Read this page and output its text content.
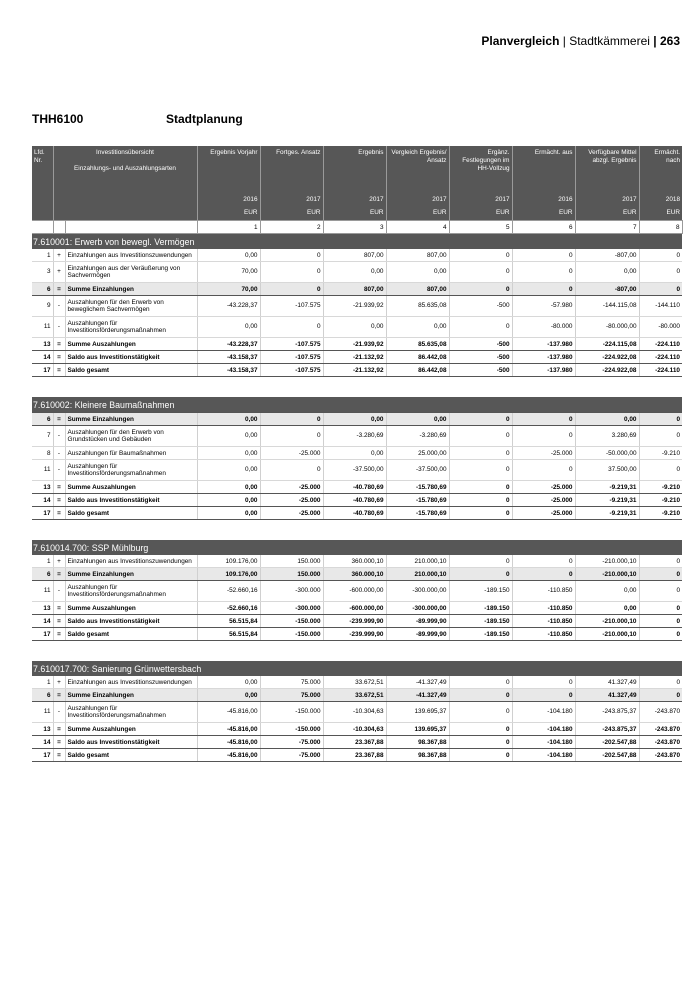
Planvergleich | Stadtkämmerei | 263
THH6100	Stadtplanung
Lfd.
Nr.	Investitionsübersicht

Einzahlungs- und Auszahlungsarten		Ergebnis Vorjahr	Fortges. Ansatz	Ergebnis	Vergleich Ergebnis/ Ansatz	Ergänz. Festlegungen im HH-Vollzug	Ermächt. aus	Verfügbare Mittel abzgl. Ergebnis	Ermächt. nach
			2016	2017	2017	2017	2017	2016	2017	2018
			EUR	EUR	EUR	EUR	EUR	EUR	EUR	EUR
			1	2	3	4	5	6	7	8
7.610001: Erwerb von bewegl. Vermögen										
1	+	Einzahlungen aus Investitionszuwendungen	0,00	0	807,00	807,00	0	0	-807,00	0
3	+	Einzahlungen aus der Veräußerung von Sachvermögen	70,00	0	0,00	0,00	0	0	0,00	0
6	=	Summe Einzahlungen	70,00	0	807,00	807,00	0	0	-807,00	0
9	-	Auszahlungen für den Erwerb von beweglichem Sachvermögen	-43.228,37	-107.575	-21.939,92	85.635,08	-500	-57.980	-144.115,08	-144.110
11	-	Auszahlungen für Investitionsförderungsmaßnahmen	0,00	0	0,00	0,00	0	-80.000	-80.000,00	-80.000
13	=	Summe Auszahlungen	-43.228,37	-107.575	-21.939,92	85.635,08	-500	-137.980	-224.115,08	-224.110
14	=	Saldo aus Investitionstätigkeit	-43.158,37	-107.575	-21.132,92	86.442,08	-500	-137.980	-224.922,08	-224.110
17	=	Saldo gesamt	-43.158,37	-107.575	-21.132,92	86.442,08	-500	-137.980	-224.922,08	-224.110

7.610002: Kleinere Baumaßnahmen										
6	=	Summe Einzahlungen	0,00	0	0,00	0,00	0	0	0,00	0
7	-	Auszahlungen für den Erwerb von Grundstücken und Gebäuden	0,00	0	-3.280,69	-3.280,69	0	0	3.280,69	0
8	-	Auszahlungen für Baumaßnahmen	0,00	-25.000	0,00	25.000,00	0	-25.000	-50.000,00	-9.210
11	-	Auszahlungen für Investitionsförderungsmaßnahmen	0,00	0	-37.500,00	-37.500,00	0	0	37.500,00	0
13	=	Summe Auszahlungen	0,00	-25.000	-40.780,69	-15.780,69	0	-25.000	-9.219,31	-9.210
14	=	Saldo aus Investitionstätigkeit	0,00	-25.000	-40.780,69	-15.780,69	0	-25.000	-9.219,31	-9.210
17	=	Saldo gesamt	0,00	-25.000	-40.780,69	-15.780,69	0	-25.000	-9.219,31	-9.210

7.610014.700: SSP Mühlburg										
1	+	Einzahlungen aus Investitionszuwendungen	109.176,00	150.000	360.000,10	210.000,10	0	0	-210.000,10	0
6	=	Summe Einzahlungen	109.176,00	150.000	360.000,10	210.000,10	0	0	-210.000,10	0
11	-	Auszahlungen für Investitionsförderungsmaßnahmen	-52.660,16	-300.000	-600.000,00	-300.000,00	-189.150	-110.850	0,00	0
13	=	Summe Auszahlungen	-52.660,16	-300.000	-600.000,00	-300.000,00	-189.150	-110.850	0,00	0
14	=	Saldo aus Investitionstätigkeit	56.515,84	-150.000	-239.999,90	-89.999,90	-189.150	-110.850	-210.000,10	0
17	=	Saldo gesamt	56.515,84	-150.000	-239.999,90	-89.999,90	-189.150	-110.850	-210.000,10	0

7.610017.700: Sanierung Grünwettersbach										
1	+	Einzahlungen aus Investitionszuwendungen	0,00	75.000	33.672,51	-41.327,49	0	0	41.327,49	0
6	=	Summe Einzahlungen	0,00	75.000	33.672,51	-41.327,49	0	0	41.327,49	0
11	-	Auszahlungen für Investitionsförderungsmaßnahmen	-45.816,00	-150.000	-10.304,63	139.695,37	0	-104.180	-243.875,37	-243.870
13	=	Summe Auszahlungen	-45.816,00	-150.000	-10.304,63	139.695,37	0	-104.180	-243.875,37	-243.870
14	=	Saldo aus Investitionstätigkeit	-45.816,00	-75.000	23.367,88	98.367,88	0	-104.180	-202.547,88	-243.870
17	=	Saldo gesamt	-45.816,00	-75.000	23.367,88	98.367,88	0	-104.180	-202.547,88	-243.870
